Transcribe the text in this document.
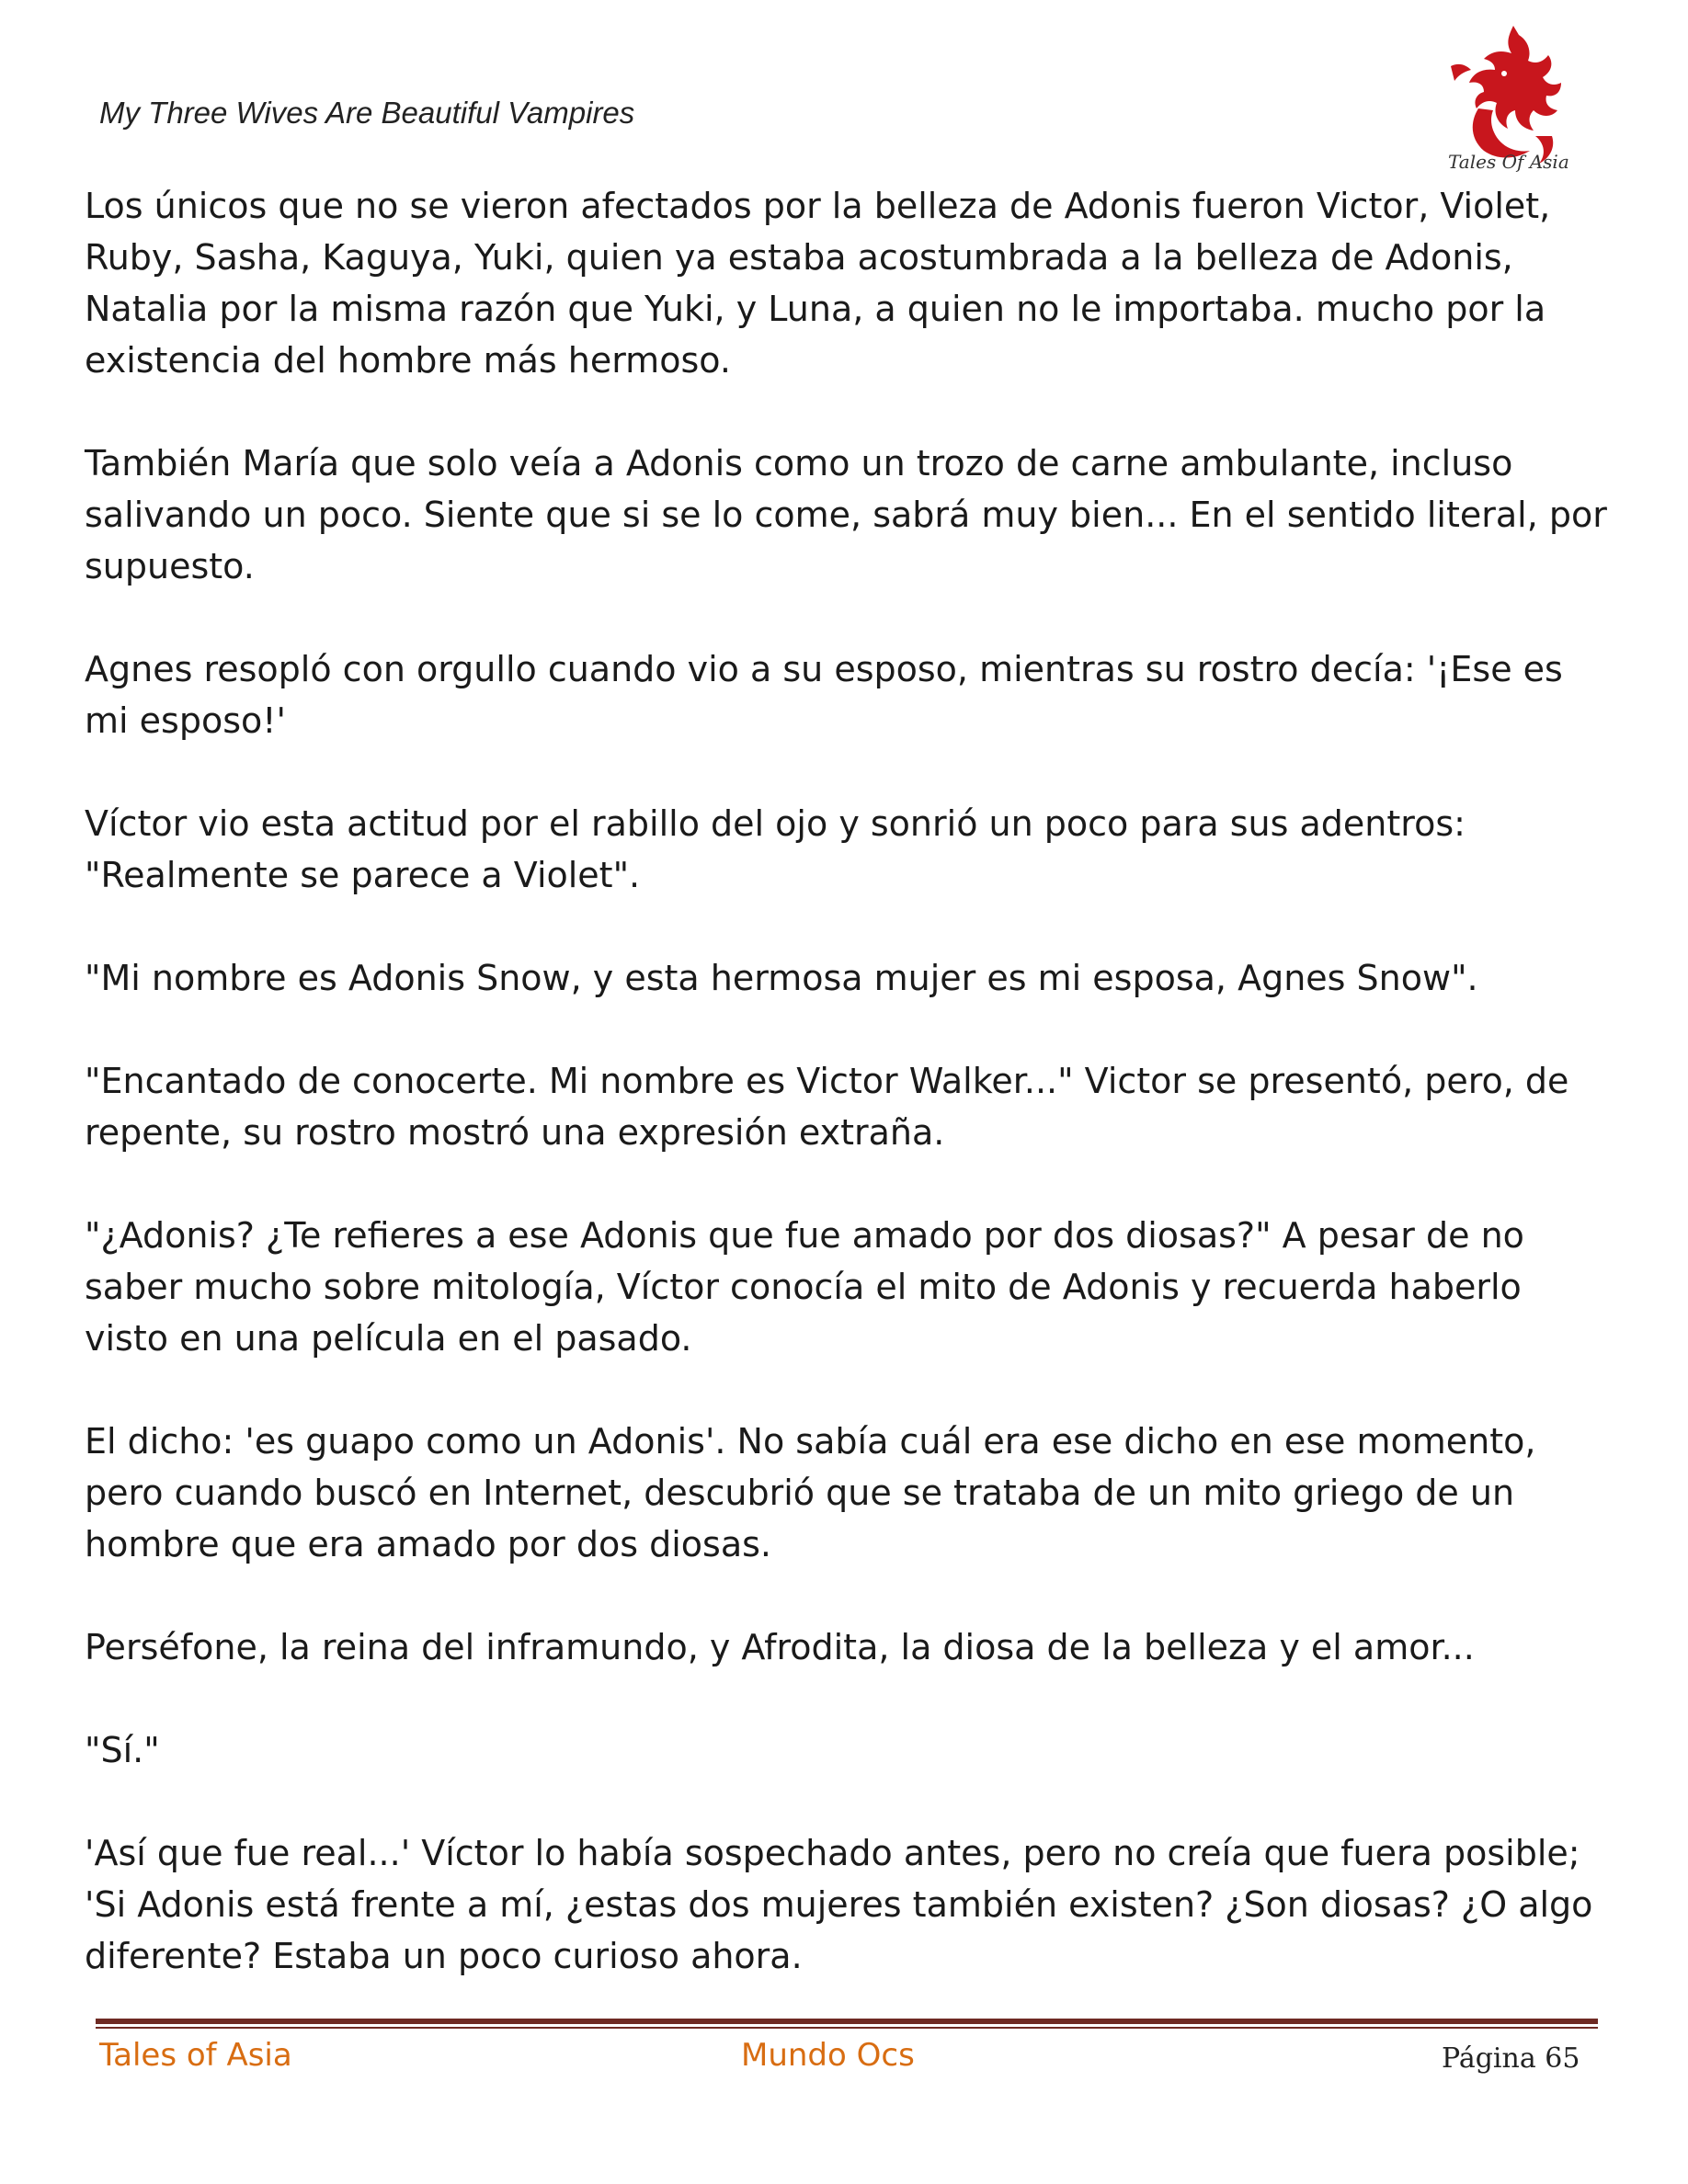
My Three Wives Are Beautiful Vampires
Tales Of Asia

Los únicos que no se vieron afectados por la belleza de Adonis fueron Victor, Violet, Ruby, Sasha, Kaguya, Yuki, quien ya estaba acostumbrada a la belleza de Adonis, Natalia por la misma razón que Yuki, y Luna, a quien no le importaba. mucho por la existencia del hombre más hermoso.

También María que solo veía a Adonis como un trozo de carne ambulante, incluso salivando un poco. Siente que si se lo come, sabrá muy bien... En el sentido literal, por supuesto.

Agnes resopló con orgullo cuando vio a su esposo, mientras su rostro decía: '¡Ese es mi esposo!'

Víctor vio esta actitud por el rabillo del ojo y sonrió un poco para sus adentros: "Realmente se parece a Violet".

"Mi nombre es Adonis Snow, y esta hermosa mujer es mi esposa, Agnes Snow".

"Encantado de conocerte. Mi nombre es Victor Walker..." Victor se presentó, pero, de repente, su rostro mostró una expresión extraña.

"¿Adonis? ¿Te refieres a ese Adonis que fue amado por dos diosas?" A pesar de no saber mucho sobre mitología, Víctor conocía el mito de Adonis y recuerda haberlo visto en una película en el pasado.

El dicho: 'es guapo como un Adonis'. No sabía cuál era ese dicho en ese momento, pero cuando buscó en Internet, descubrió que se trataba de un mito griego de un hombre que era amado por dos diosas.

Perséfone, la reina del inframundo, y Afrodita, la diosa de la belleza y el amor...

"Sí."

'Así que fue real...' Víctor lo había sospechado antes, pero no creía que fuera posible; 'Si Adonis está frente a mí, ¿estas dos mujeres también existen? ¿Son diosas? ¿O algo diferente? Estaba un poco curioso ahora.

Tales of Asia	Mundo Ocs	Página 65
